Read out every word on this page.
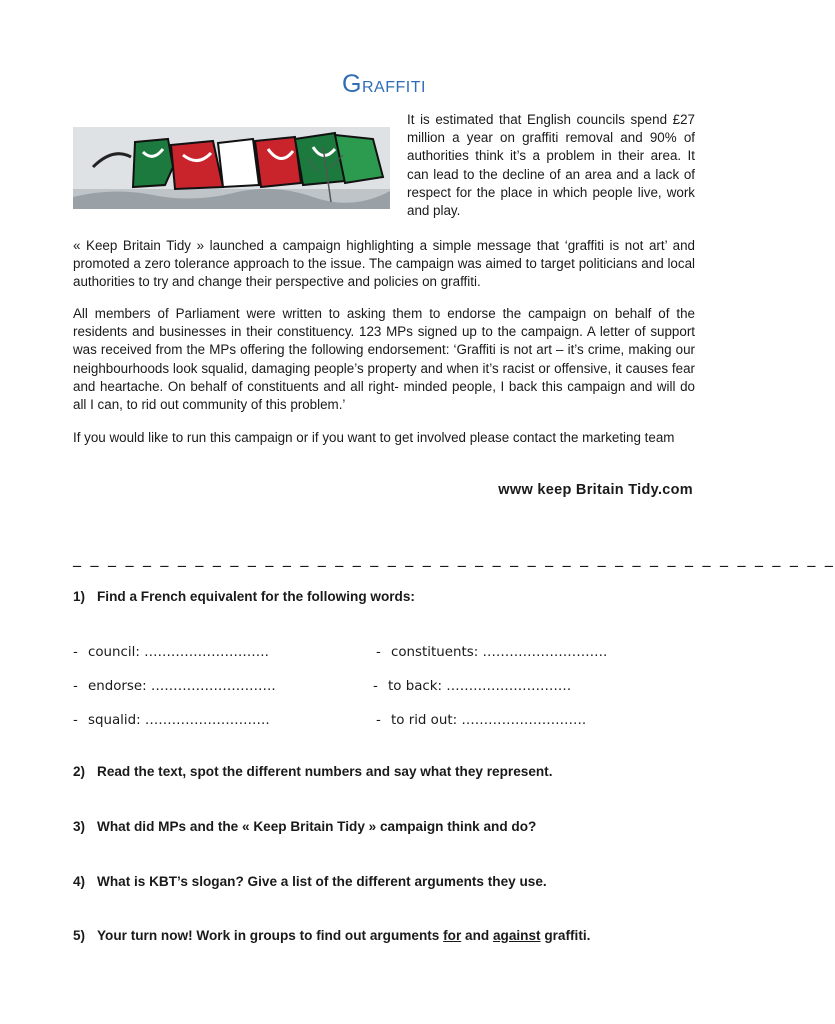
Graffiti
It is estimated that English councils spend £27 million a year on graffiti removal and 90% of authorities think it’s a problem in their area. It can lead to the decline of an area and a lack of respect for the place in which people live, work and play.
« Keep Britain Tidy » launched a campaign highlighting a simple message that ‘graffiti is not art’ and promoted a zero tolerance approach to the issue. The campaign was aimed to target politicians and local authorities to try and change their perspective and policies on graffiti.
All members of Parliament were written to asking them to endorse the campaign on behalf of the residents and businesses in their constituency. 123 MPs signed up to the campaign. A letter of support was received from the MPs offering the following endorsement: ‘Graffiti is not art – it’s crime, making our neighbourhoods look squalid, damaging people’s property and when it’s racist or offensive, it causes fear and heartache. On behalf of constituents and all right- minded people, I back this campaign and will do all I can, to rid out community of this problem.’
If you would like to run this campaign or if you want to get involved please contact the marketing team
www keep Britain Tidy.com
_ _ _ _ _ _ _ _ _ _ _ _ _ _ _ _ _ _ _ _ _ _ _ _ _ _ _ _ _ _ _ _ _ _ _ _ _ _ _ _ _ _ _ _
1) Find a French equivalent for the following words:
- council: ……………………….
- endorse: ……………………….
- squalid: ……………………….
- constituents: ……………………….
- to back: ……………………….
- to rid out: ……………………….
2) Read the text, spot the different numbers and say what they represent.
3) What did MPs and the « Keep Britain Tidy » campaign think and do?
4) What is KBT’s slogan? Give a list of the different arguments they use.
5) Your turn now! Work in groups to find out arguments for and against graffiti.
